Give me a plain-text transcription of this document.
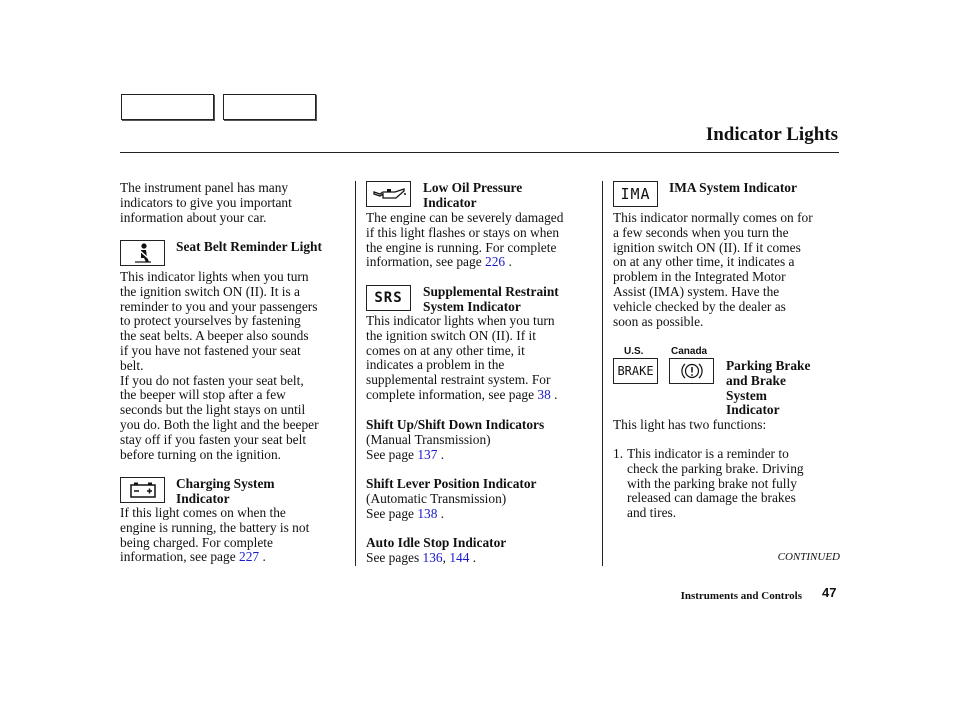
Indicator Lights
The instrument panel has many
indicators to give you important
information about your car.
Seat Belt Reminder Light
This indicator lights when you turn
the ignition switch ON (II). It is a
reminder to you and your passengers
to protect yourselves by fastening
the seat belts. A beeper also sounds
if you have not fastened your seat
belt.
If you do not fasten your seat belt,
the beeper will stop after a few
seconds but the light stays on until
you do. Both the light and the beeper
stay off if you fasten your seat belt
before turning on the ignition.
Charging System
Indicator
If this light comes on when the
engine is running, the battery is not
being charged. For complete
information, see page 227 .
Low Oil Pressure
Indicator
The engine can be severely damaged
if this light flashes or stays on when
the engine is running. For complete
information, see page 226 .
SRS Supplemental Restraint
System Indicator
This indicator lights when you turn
the ignition switch ON (II). If it
comes on at any other time, it
indicates a problem in the
supplemental restraint system. For
complete information, see page 38 .
Shift Up/Shift Down Indicators
(Manual Transmission)
See page 137 .
Shift Lever Position Indicator
(Automatic Transmission)
See page 138 .
Auto Idle Stop Indicator
See pages 136, 144 .
IMA IMA System Indicator
This indicator normally comes on for
a few seconds when you turn the
ignition switch ON (II). If it comes
on at any other time, it indicates a
problem in the Integrated Motor
Assist (IMA) system. Have the
vehicle checked by the dealer as
soon as possible.
U.S.	Canada
BRAKE	Parking Brake
and Brake
System
Indicator
This light has two functions:
1. This indicator is a reminder to
check the parking brake. Driving
with the parking brake not fully
released can damage the brakes
and tires.
CONTINUED
Instruments and Controls 47
